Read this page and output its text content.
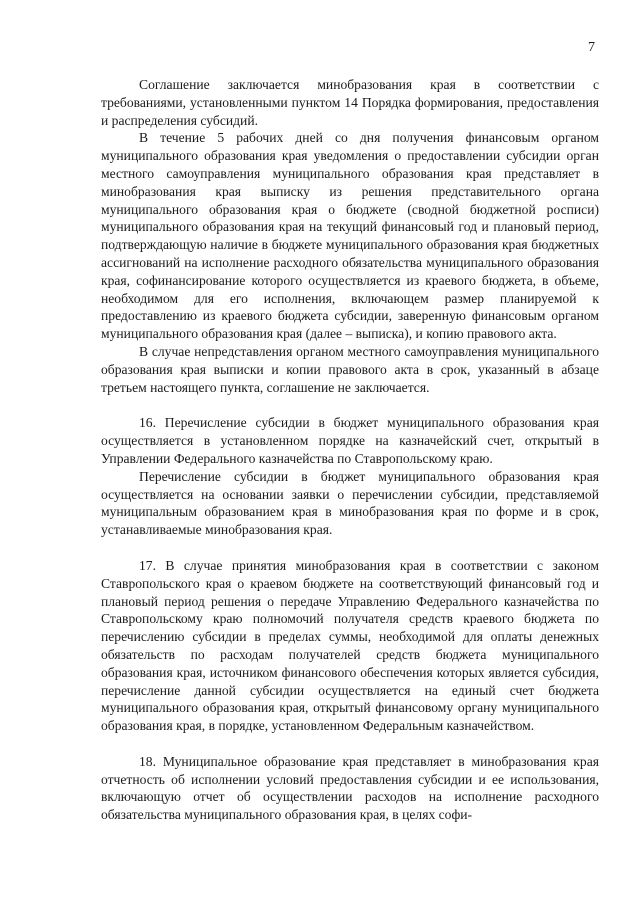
7

Соглашение заключается минобразования края в соответствии с требованиями, установленными пунктом 14 Порядка формирования, предоставления и распределения субсидий.

В течение 5 рабочих дней со дня получения финансовым органом муниципального образования края уведомления о предоставлении субсидии орган местного самоуправления муниципального образования края представляет в минобразования края выписку из решения представительного органа муниципального образования края о бюджете (сводной бюджетной росписи) муниципального образования края на текущий финансовый год и плановый период, подтверждающую наличие в бюджете муниципального образования края бюджетных ассигнований на исполнение расходного обязательства муниципального образования края, софинансирование которого осуществляется из краевого бюджета, в объеме, необходимом для его исполнения, включающем размер планируемой к предоставлению из краевого бюджета субсидии, заверенную финансовым органом муниципального образования края (далее – выписка), и копию правового акта.

В случае непредставления органом местного самоуправления муниципального образования края выписки и копии правового акта в срок, указанный в абзаце третьем настоящего пункта, соглашение не заключается.

16. Перечисление субсидии в бюджет муниципального образования края осуществляется в установленном порядке на казначейский счет, открытый в Управлении Федерального казначейства по Ставропольскому краю.

Перечисление субсидии в бюджет муниципального образования края осуществляется на основании заявки о перечислении субсидии, представляемой муниципальным образованием края в минобразования края по форме и в срок, устанавливаемые минобразования края.

17. В случае принятия минобразования края в соответствии с законом Ставропольского края о краевом бюджете на соответствующий финансовый год и плановый период решения о передаче Управлению Федерального казначейства по Ставропольскому краю полномочий получателя средств краевого бюджета по перечислению субсидии в пределах суммы, необходимой для оплаты денежных обязательств по расходам получателей средств бюджета муниципального образования края, источником финансового обеспечения которых является субсидия, перечисление данной субсидии осуществляется на единый счет бюджета муниципального образования края, открытый финансовому органу муниципального образования края, в порядке, установленном Федеральным казначейством.

18. Муниципальное образование края представляет в минобразования края отчетность об исполнении условий предоставления субсидии и ее использования, включающую отчет об осуществлении расходов на исполнение расходного обязательства муниципального образования края, в целях софи-
